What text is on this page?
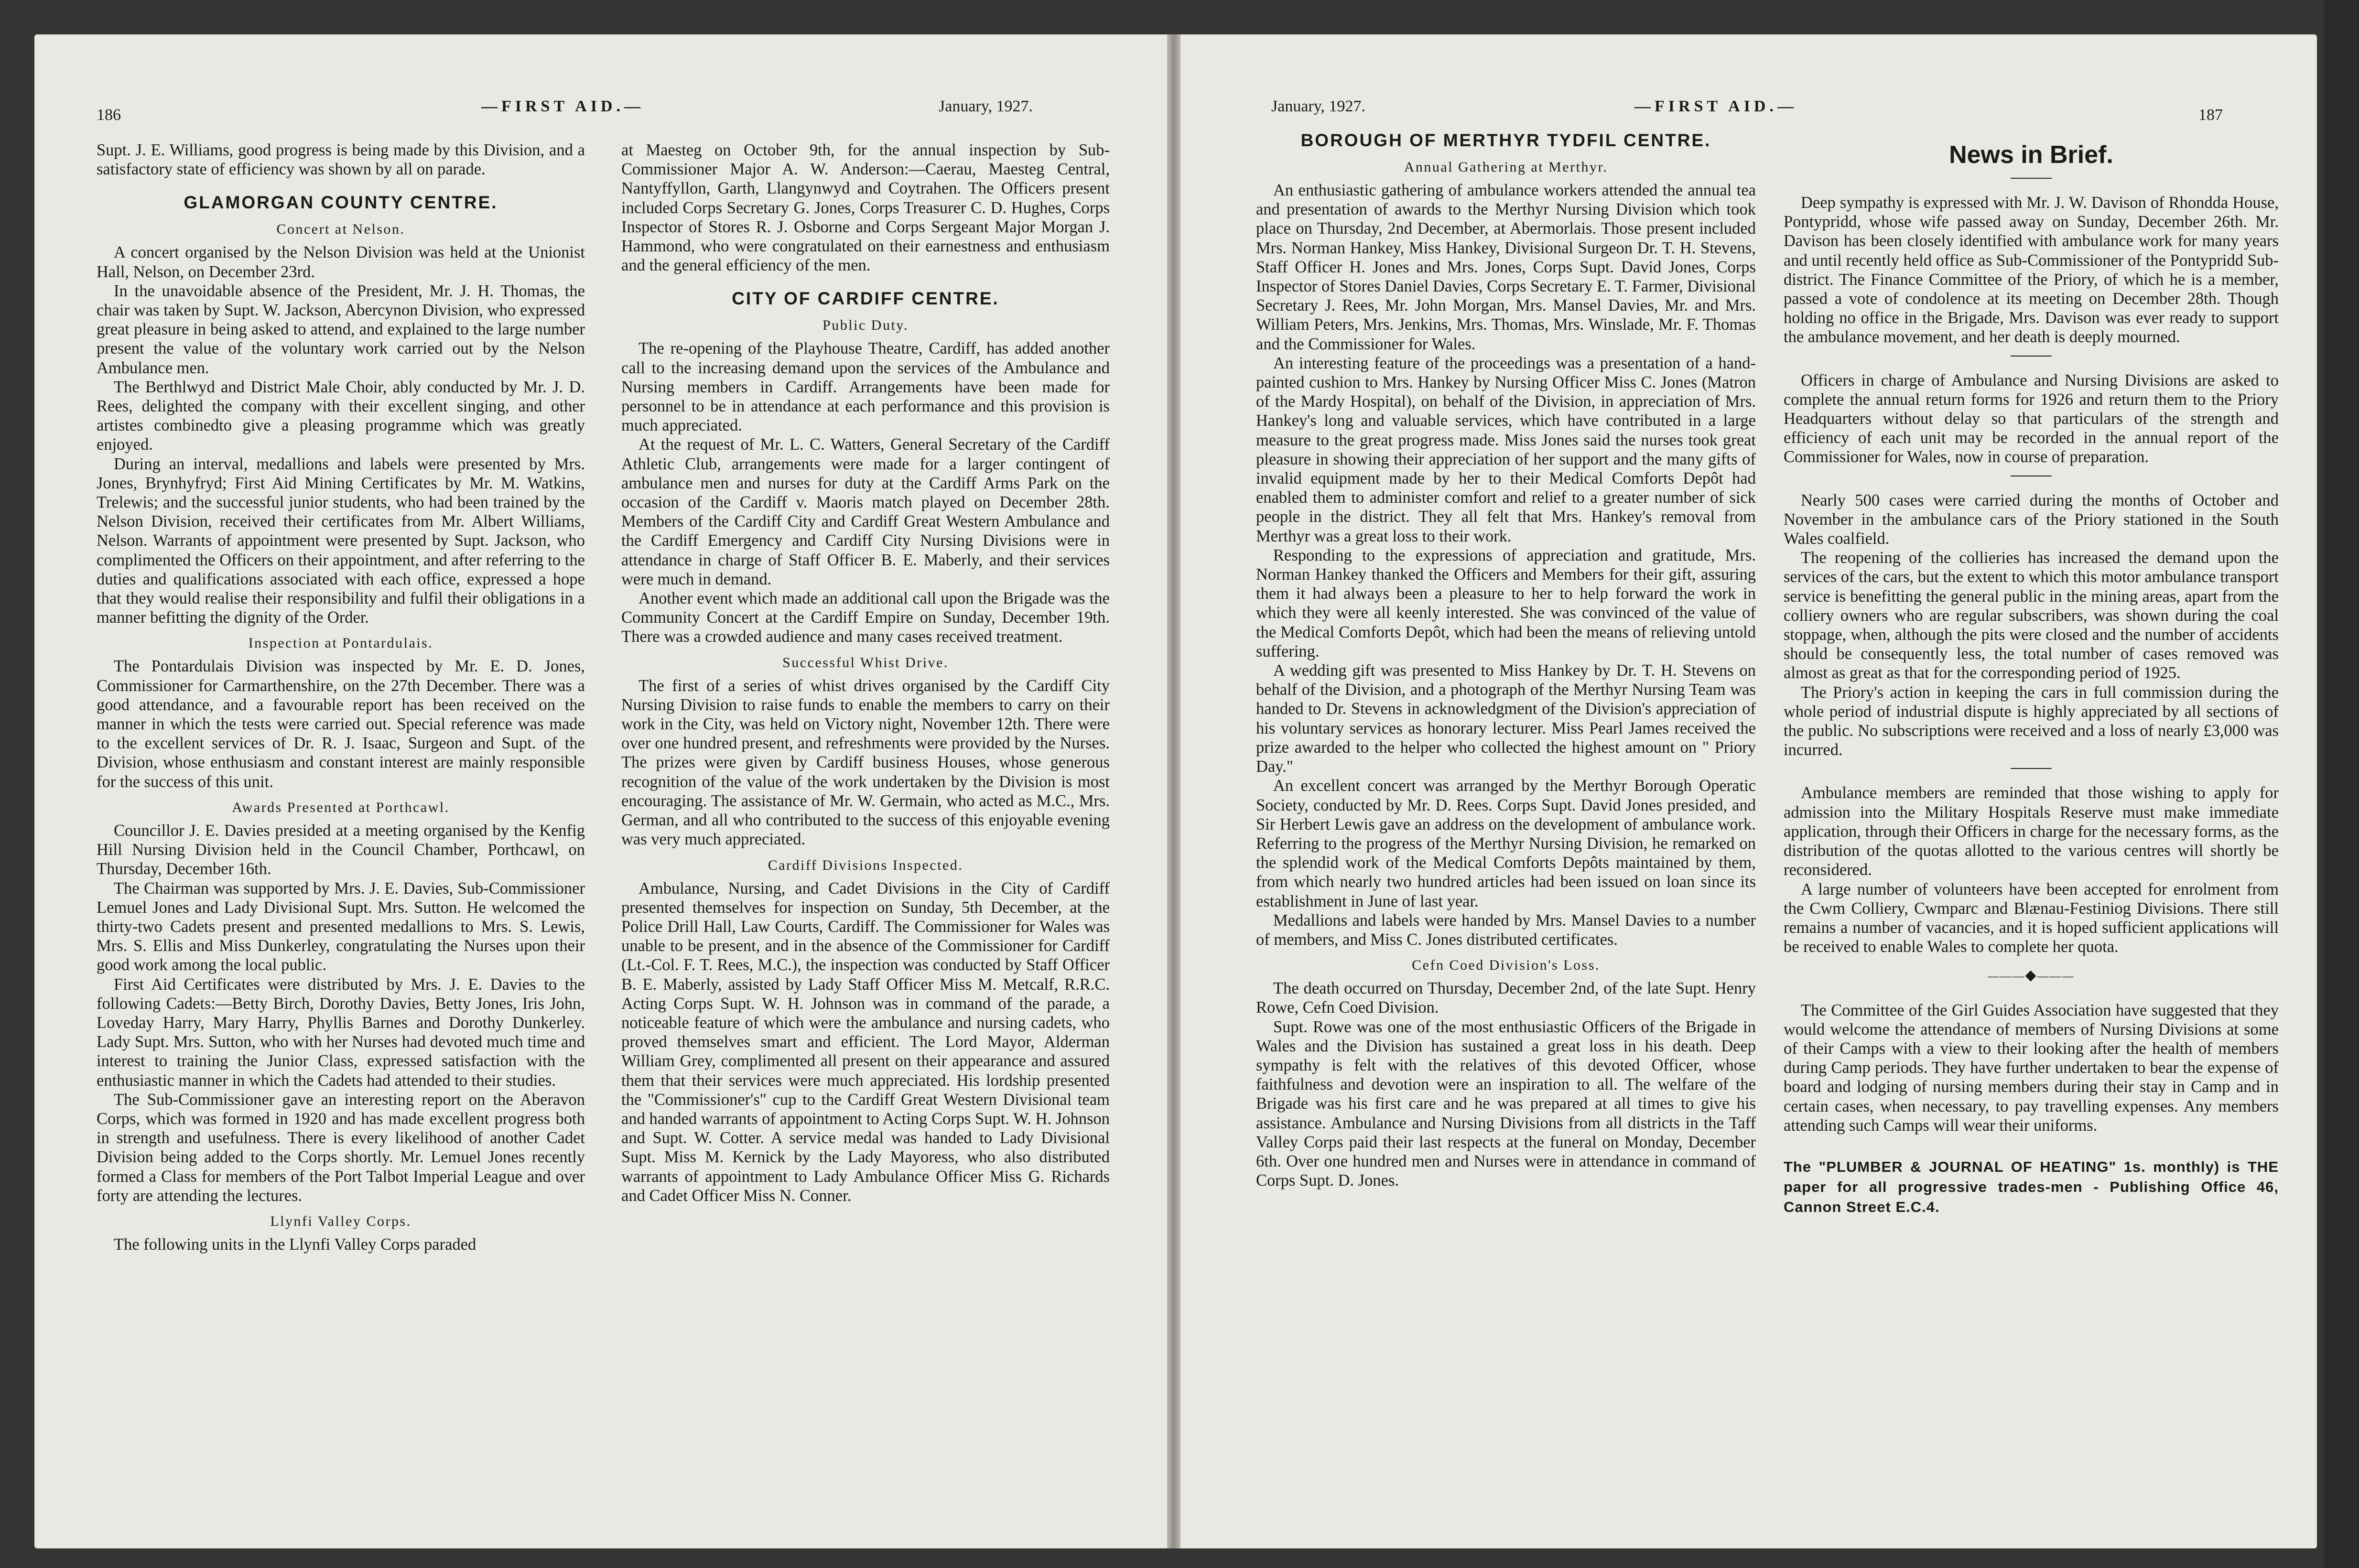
186	—FIRST AID.—	January, 1927.

Supt. J. E. Williams, good progress is being made by this Division, and a satisfactory state of efficiency was shown by all on parade.

GLAMORGAN COUNTY CENTRE.
Concert at Nelson.

A concert organised by the Nelson Division was held at the Unionist Hall, Nelson, on December 23rd.

In the unavoidable absence of the President, Mr. J. H. Thomas, the chair was taken by Supt. W. Jackson, Abercynon Division, who expressed great pleasure in being asked to attend, and explained to the large number present the value of the voluntary work carried out by the Nelson Ambulance men.

The Berthlwyd and District Male Choir, ably conducted by Mr. J. D. Rees, delighted the company with their excellent singing, and other artistes combinedto give a pleasing programme which was greatly enjoyed.

During an interval, medallions and labels were presented by Mrs. Jones, Brynhyfryd; First Aid Mining Certificates by Mr. M. Watkins, Trelewis; and the successful junior students, who had been trained by the Nelson Division, received their certificates from Mr. Albert Williams, Nelson. Warrants of appointment were presented by Supt. Jackson, who complimented the Officers on their appointment, and after referring to the duties and qualifications associated with each office, expressed a hope that they would realise their responsibility and fulfil their obligations in a manner befitting the dignity of the Order.

Inspection at Pontardulais.

The Pontardulais Division was inspected by Mr. E. D. Jones, Commissioner for Carmarthenshire, on the 27th December. There was a good attendance, and a favourable report has been received on the manner in which the tests were carried out. Special reference was made to the excellent services of Dr. R. J. Isaac, Surgeon and Supt. of the Division, whose enthusiasm and constant interest are mainly responsible for the success of this unit.

Awards Presented at Porthcawl.

Councillor J. E. Davies presided at a meeting organised by the Kenfig Hill Nursing Division held in the Council Chamber, Porthcawl, on Thursday, December 16th.

The Chairman was supported by Mrs. J. E. Davies, Sub-Commissioner Lemuel Jones and Lady Divisional Supt. Mrs. Sutton. He welcomed the thirty-two Cadets present and presented medallions to Mrs. S. Lewis, Mrs. S. Ellis and Miss Dunkerley, congratulating the Nurses upon their good work among the local public.

First Aid Certificates were distributed by Mrs. J. E. Davies to the following Cadets:—Betty Birch, Dorothy Davies, Betty Jones, Iris John, Loveday Harry, Mary Harry, Phyllis Barnes and Dorothy Dunkerley. Lady Supt. Mrs. Sutton, who with her Nurses had devoted much time and interest to training the Junior Class, expressed satisfaction with the enthusiastic manner in which the Cadets had attended to their studies.

The Sub-Commissioner gave an interesting report on the Aberavon Corps, which was formed in 1920 and has made excellent progress both in strength and usefulness. There is every likelihood of another Cadet Division being added to the Corps shortly. Mr. Lemuel Jones recently formed a Class for members of the Port Talbot Imperial League and over forty are attending the lectures.

Llynfi Valley Corps.

The following units in the Llynfi Valley Corps paraded

at Maesteg on October 9th, for the annual inspection by Sub-Commissioner Major A. W. Anderson:—Caerau, Maesteg Central, Nantyffyllon, Garth, Llangynwyd and Coytrahen. The Officers present included Corps Secretary G. Jones, Corps Treasurer C. D. Hughes, Corps Inspector of Stores R. J. Osborne and Corps Sergeant Major Morgan J. Hammond, who were congratulated on their earnestness and enthusiasm and the general efficiency of the men.

CITY OF CARDIFF CENTRE.
Public Duty.

The re-opening of the Playhouse Theatre, Cardiff, has added another call to the increasing demand upon the services of the Ambulance and Nursing members in Cardiff. Arrangements have been made for personnel to be in attendance at each performance and this provision is much appreciated.

At the request of Mr. L. C. Watters, General Secretary of the Cardiff Athletic Club, arrangements were made for a larger contingent of ambulance men and nurses for duty at the Cardiff Arms Park on the occasion of the Cardiff v. Maoris match played on December 28th. Members of the Cardiff City and Cardiff Great Western Ambulance and the Cardiff Emergency and Cardiff City Nursing Divisions were in attendance in charge of Staff Officer B. E. Maberly, and their services were much in demand.

Another event which made an additional call upon the Brigade was the Community Concert at the Cardiff Empire on Sunday, December 19th. There was a crowded audience and many cases received treatment.

Successful Whist Drive.

The first of a series of whist drives organised by the Cardiff City Nursing Division to raise funds to enable the members to carry on their work in the City, was held on Victory night, November 12th. There were over one hundred present, and refreshments were provided by the Nurses. The prizes were given by Cardiff business Houses, whose generous recognition of the value of the work undertaken by the Division is most encouraging. The assistance of Mr. W. Germain, who acted as M.C., Mrs. German, and all who contributed to the success of this enjoyable evening was very much appreciated.

Cardiff Divisions Inspected.

Ambulance, Nursing, and Cadet Divisions in the City of Cardiff presented themselves for inspection on Sunday, 5th December, at the Police Drill Hall, Law Courts, Cardiff. The Commissioner for Wales was unable to be present, and in the absence of the Commissioner for Cardiff (Lt.-Col. F. T. Rees, M.C.), the inspection was conducted by Staff Officer B. E. Maberly, assisted by Lady Staff Officer Miss M. Metcalf, R.R.C. Acting Corps Supt. W. H. Johnson was in command of the parade, a noticeable feature of which were the ambulance and nursing cadets, who proved themselves smart and efficient. The Lord Mayor, Alderman William Grey, complimented all present on their appearance and assured them that their services were much appreciated. His lordship presented the "Commissioner's" cup to the Cardiff Great Western Divisional team and handed warrants of appointment to Acting Corps Supt. W. H. Johnson and Supt. W. Cotter. A service medal was handed to Lady Divisional Supt. Miss M. Kernick by the Lady Mayoress, who also distributed warrants of appointment to Lady Ambulance Officer Miss G. Richards and Cadet Officer Miss N. Conner.

January, 1927.	—FIRST AID.—	187
BOROUGH OF MERTHYR TYDFIL CENTRE.
Annual Gathering at Merthyr.

An enthusiastic gathering of ambulance workers attended the annual tea and presentation of awards to the Merthyr Nursing Division which took place on Thursday, 2nd December, at Abermorlais. Those present included Mrs. Norman Hankey, Miss Hankey, Divisional Surgeon Dr. T. H. Stevens, Staff Officer H. Jones and Mrs. Jones, Corps Supt. David Jones, Corps Inspector of Stores Daniel Davies, Corps Secretary E. T. Farmer, Divisional Secretary J. Rees, Mr. John Morgan, Mrs. Mansel Davies, Mr. and Mrs. William Peters, Mrs. Jenkins, Mrs. Thomas, Mrs. Winslade, Mr. F. Thomas and the Commissioner for Wales.

An interesting feature of the proceedings was a presentation of a hand-painted cushion to Mrs. Hankey by Nursing Officer Miss C. Jones (Matron of the Mardy Hospital), on behalf of the Division, in appreciation of Mrs. Hankey's long and valuable services, which have contributed in a large measure to the great progress made. Miss Jones said the nurses took great pleasure in showing their appreciation of her support and the many gifts of invalid equipment made by her to their Medical Comforts Depôt had enabled them to administer comfort and relief to a greater number of sick people in the district. They all felt that Mrs. Hankey's removal from Merthyr was a great loss to their work.

Responding to the expressions of appreciation and gratitude, Mrs. Norman Hankey thanked the Officers and Members for their gift, assuring them it had always been a pleasure to her to help forward the work in which they were all keenly interested. She was convinced of the value of the Medical Comforts Depôt, which had been the means of relieving untold suffering.

A wedding gift was presented to Miss Hankey by Dr. T. H. Stevens on behalf of the Division, and a photograph of the Merthyr Nursing Team was handed to Dr. Stevens in acknowledgment of the Division's appreciation of his voluntary services as honorary lecturer. Miss Pearl James received the prize awarded to the helper who collected the highest amount on " Priory Day."

An excellent concert was arranged by the Merthyr Borough Operatic Society, conducted by Mr. D. Rees. Corps Supt. David Jones presided, and Sir Herbert Lewis gave an address on the development of ambulance work. Referring to the progress of the Merthyr Nursing Division, he remarked on the splendid work of the Medical Comforts Depôts maintained by them, from which nearly two hundred articles had been issued on loan since its establishment in June of last year.

Medallions and labels were handed by Mrs. Mansel Davies to a number of members, and Miss C. Jones distributed certificates.

Cefn Coed Division's Loss.

The death occurred on Thursday, December 2nd, of the late Supt. Henry Rowe, Cefn Coed Division.

Supt. Rowe was one of the most enthusiastic Officers of the Brigade in Wales and the Division has sustained a great loss in his death. Deep sympathy is felt with the relatives of this devoted Officer, whose faithfulness and devotion were an inspiration to all. The welfare of the Brigade was his first care and he was prepared at all times to give his assistance. Ambulance and Nursing Divisions from all districts in the Taff Valley Corps paid their last respects at the funeral on Monday, December 6th. Over one hundred men and Nurses were in attendance in command of Corps Supt. D. Jones.

News in Brief.

Deep sympathy is expressed with Mr. J. W. Davison of Rhondda House, Pontypridd, whose wife passed away on Sunday, December 26th. Mr. Davison has been closely identified with ambulance work for many years and until recently held office as Sub-Commissioner of the Pontypridd Sub-district. The Finance Committee of the Priory, of which he is a member, passed a vote of condolence at its meeting on December 28th. Though holding no office in the Brigade, Mrs. Davison was ever ready to support the ambulance movement, and her death is deeply mourned.

Officers in charge of Ambulance and Nursing Divisions are asked to complete the annual return forms for 1926 and return them to the Priory Headquarters without delay so that particulars of the strength and efficiency of each unit may be recorded in the annual report of the Commissioner for Wales, now in course of preparation.

Nearly 500 cases were carried during the months of October and November in the ambulance cars of the Priory stationed in the South Wales coalfield.

The reopening of the collieries has increased the demand upon the services of the cars, but the extent to which this motor ambulance transport service is benefitting the general public in the mining areas, apart from the colliery owners who are regular subscribers, was shown during the coal stoppage, when, although the pits were closed and the number of accidents should be consequently less, the total number of cases removed was almost as great as that for the corresponding period of 1925.

The Priory's action in keeping the cars in full commission during the whole period of industrial dispute is highly appreciated by all sections of the public. No subscriptions were received and a loss of nearly £3,000 was incurred.

Ambulance members are reminded that those wishing to apply for admission into the Military Hospitals Reserve must make immediate application, through their Officers in charge for the necessary forms, as the distribution of the quotas allotted to the various centres will shortly be reconsidered.

A large number of volunteers have been accepted for enrolment from the Cwm Colliery, Cwmparc and Blænau-Festiniog Divisions. There still remains a number of vacancies, and it is hoped sufficient applications will be received to enable Wales to complete her quota.

———◆———

The Committee of the Girl Guides Association have suggested that they would welcome the attendance of members of Nursing Divisions at some of their Camps with a view to their looking after the health of members during Camp periods. They have further undertaken to bear the expense of board and lodging of nursing members during their stay in Camp and in certain cases, when necessary, to pay travelling expenses. Any members attending such Camps will wear their uniforms.

The "PLUMBER & JOURNAL OF HEATING" 1s. monthly) is THE paper for all progressive trades-men - Publishing Office 46, Cannon Street E.C.4.
